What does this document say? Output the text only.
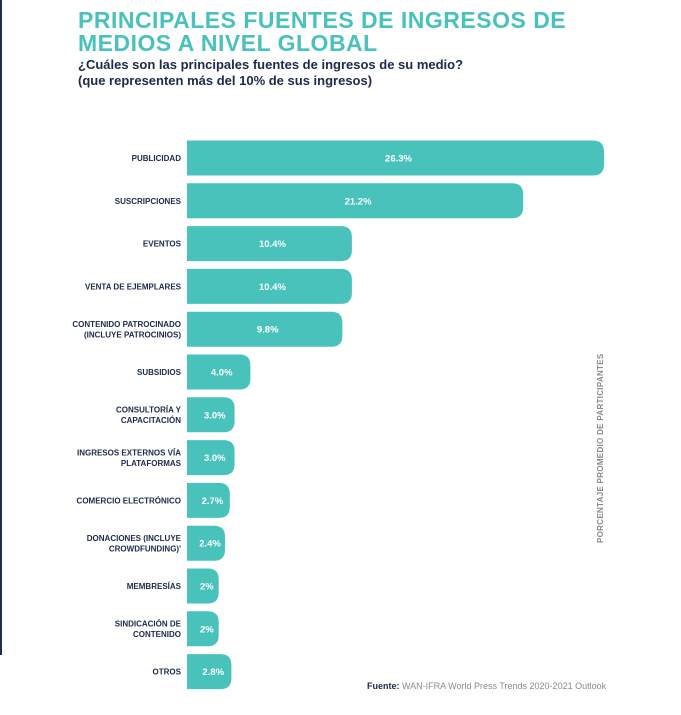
PRINCIPALES FUENTES DE INGRESOS DE
MEDIOS A NIVEL GLOBAL
¿Cuáles son las principales fuentes de ingresos de su medio?
(que representen más del 10% de sus ingresos)
26.3%
PUBLICIDAD
21.2%
SUSCRIPCIONES
10.4%
EVENTOS
10.4%
VENTA DE EJEMPLARES
9.8%
CONTENIDO PATROCINADO (INCLUYE PATROCINIOS)
4.0%
SUBSIDIOS
3.0%
CONSULTORÍA Y CAPACITACIÓN
3.0%
INGRESOS EXTERNOS VÍA PLATAFORMAS
2.7%
COMERCIO ELECTRÓNICO
2.4%
DONACIONES (INCLUYE CROWDFUNDING)'
2%
MEMBRESÍAS
2%
SINDICACIÓN DE CONTENIDO
2.8%
OTROS
PORCENTAJE PROMEDIO DE PARTICIPANTES
Fuente: WAN-IFRA World Press Trends 2020-2021 Outlook
